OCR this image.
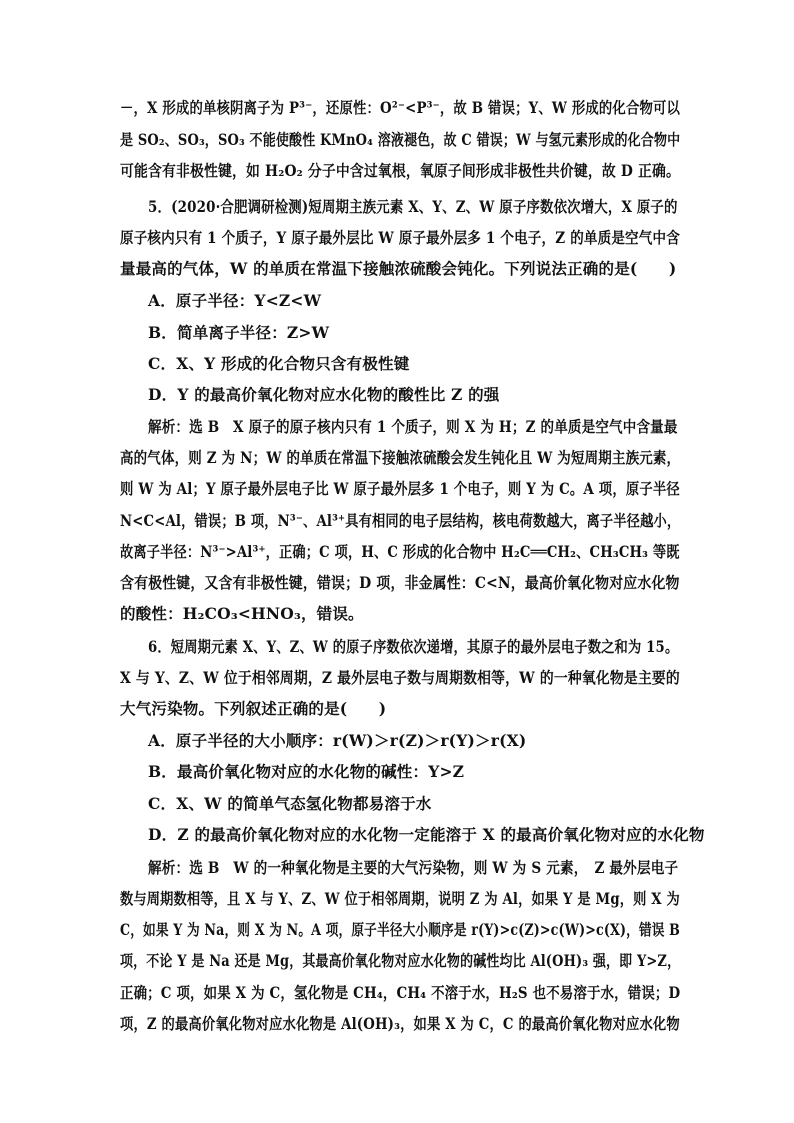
－，X 形成的单核阴离子为 P³⁻，还原性：O²⁻<P³⁻，故 B 错误；Y、W 形成的化合物可以
是 SO₂、SO₃，SO₃ 不能使酸性 KMnO₄ 溶液褪色，故 C 错误；W 与氢元素形成的化合物中
可能含有非极性键，如 H₂O₂ 分子中含过氧根，氧原子间形成非极性共价键，故 D 正确。
5．(2020·合肥调研检测)短周期主族元素 X、Y、Z、W 原子序数依次增大，X 原子的
原子核内只有 1 个质子，Y 原子最外层比 W 原子最外层多 1 个电子，Z 的单质是空气中含
量最高的气体，W 的单质在常温下接触浓硫酸会钝化。下列说法正确的是(　　)
A．原子半径：Y<Z<W
B．简单离子半径：Z>W
C．X、Y 形成的化合物只含有极性键
D．Y 的最高价氧化物对应水化物的酸性比 Z 的强
解析：选 B　X 原子的原子核内只有 1 个质子，则 X 为 H；Z 的单质是空气中含量最
高的气体，则 Z 为 N；W 的单质在常温下接触浓硫酸会发生钝化且 W 为短周期主族元素，
则 W 为 Al；Y 原子最外层电子比 W 原子最外层多 1 个电子，则 Y 为 C。A 项，原子半径
N<C<Al，错误；B 项，N³⁻、Al³⁺具有相同的电子层结构，核电荷数越大，离子半径越小，
故离子半径：N³⁻>Al³⁺，正确；C 项，H、C 形成的化合物中 H₂C══CH₂、CH₃CH₃ 等既
含有极性键，又含有非极性键，错误；D 项，非金属性：C<N，最高价氧化物对应水化物
的酸性：H₂CO₃<HNO₃，错误。
6．短周期元素 X、Y、Z、W 的原子序数依次递增，其原子的最外层电子数之和为 15。
X 与 Y、Z、W 位于相邻周期，Z 最外层电子数与周期数相等，W 的一种氧化物是主要的
大气污染物。下列叙述正确的是(　　)
A．原子半径的大小顺序：r(W)＞r(Z)＞r(Y)＞r(X)
B．最高价氧化物对应的水化物的碱性：Y>Z
C．X、W 的简单气态氢化物都易溶于水
D．Z 的最高价氧化物对应的水化物一定能溶于 X 的最高价氧化物对应的水化物
解析：选 B　W 的一种氧化物是主要的大气污染物，则 W 为 S 元素，　Z 最外层电子
数与周期数相等，且 X 与 Y、Z、W 位于相邻周期，说明 Z 为 Al，如果 Y 是 Mg，则 X 为
C，如果 Y 为 Na，则 X 为 N。A 项，原子半径大小顺序是 r(Y)>c(Z)>c(W)>c(X)，错误 B
项，不论 Y 是 Na 还是 Mg，其最高价氧化物对应水化物的碱性均比 Al(OH)₃ 强，即 Y>Z，
正确；C 项，如果 X 为 C，氢化物是 CH₄，CH₄ 不溶于水，H₂S 也不易溶于水，错误；D
项，Z 的最高价氧化物对应水化物是 Al(OH)₃，如果 X 为 C，C 的最高价氧化物对应水化物
